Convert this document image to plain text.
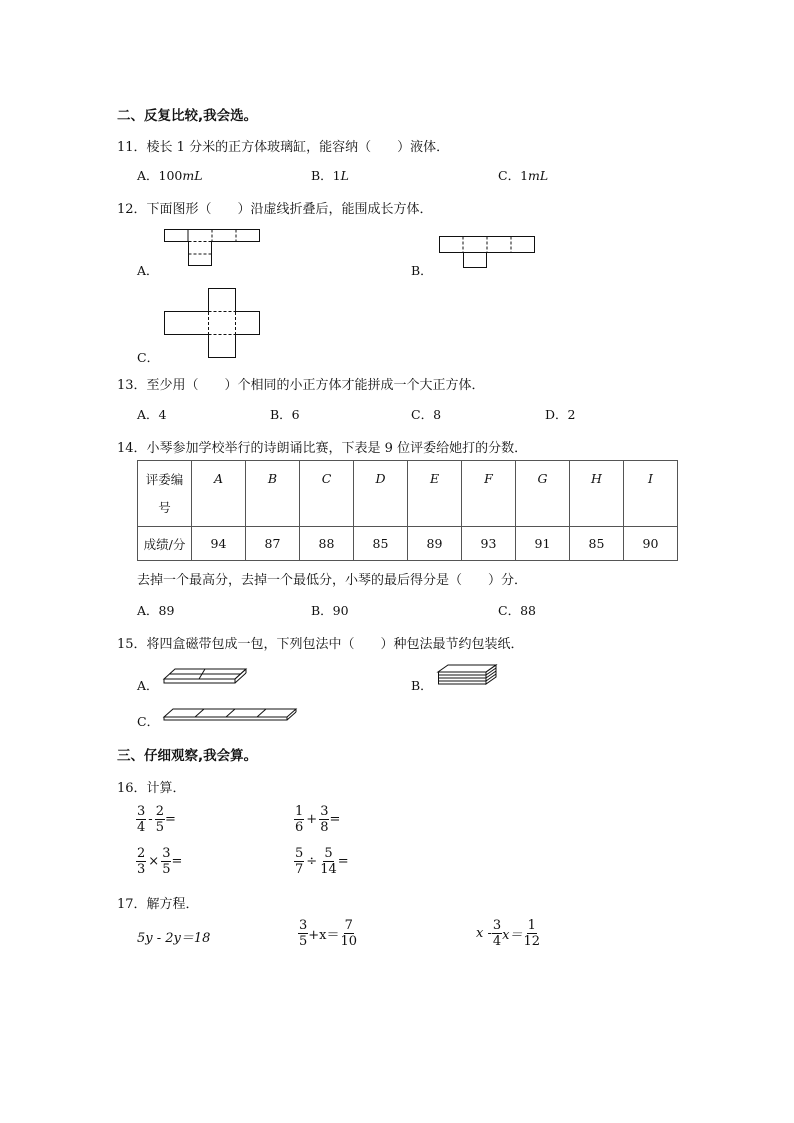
二、反复比较,我会选。
11．棱长 1 分米的正方体玻璃缸，能容纳（　　）液体．
A．100mL	B．1L	C．1mL
12．下面图形（　　）沿虚线折叠后，能围成长方体．
A．	B．
C．
13．至少用（　　）个相同的小正方体才能拼成一个大正方体．
A．4	B．6	C．8	D．2
14．小琴参加学校举行的诗朗诵比赛，下表是 9 位评委给她打的分数．
评委编
号	A	B	C	D	E	F	G	H	I
成绩/分	94	87	88	85	89	93	91	85	90
去掉一个最高分，去掉一个最低分，小琴的最后得分是（　　）分．
A．89	B．90	C．88
15．将四盒磁带包成一包，下列包法中（　　）种包法最节约包装纸．
A．	B．
C．
三、仔细观察,我会算。
16．计算．
$\frac{3}{4} - \frac{2}{5}$ =	$\frac{1}{6} + \frac{3}{8}$ =
$\frac{2}{3} \times \frac{3}{5}$ =	$\frac{5}{7} \div \frac{5}{14}$ =
17．解方程．
5y - 2y＝18	$\frac{3}{5} +x= \frac{7}{10}$	$x - \frac{3}{4} x= \frac{1}{12}$
